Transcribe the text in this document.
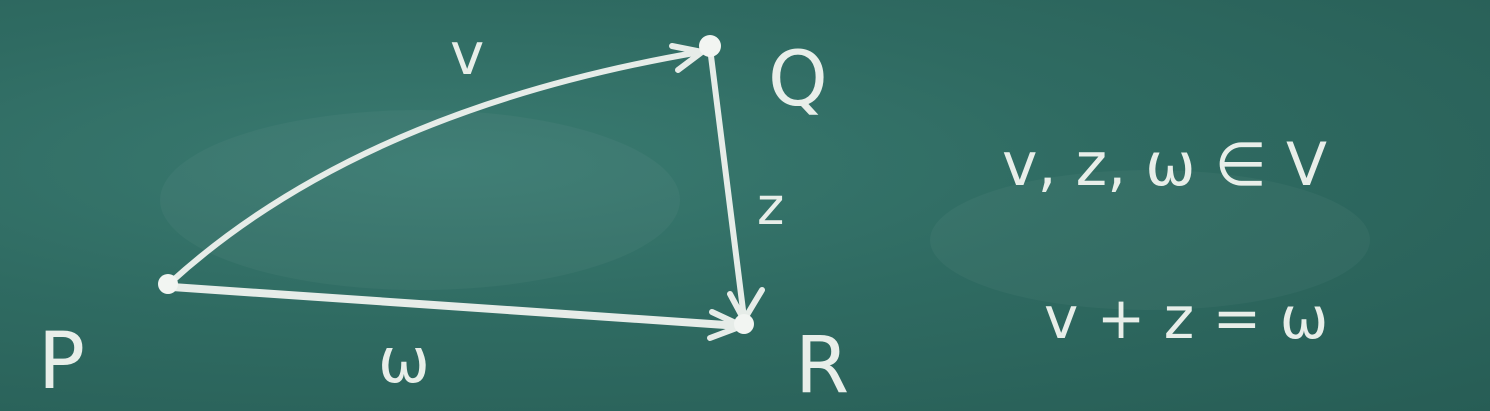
P
Q
R
v
z
ω
v, z, ω ∈ V
v + z = ω
